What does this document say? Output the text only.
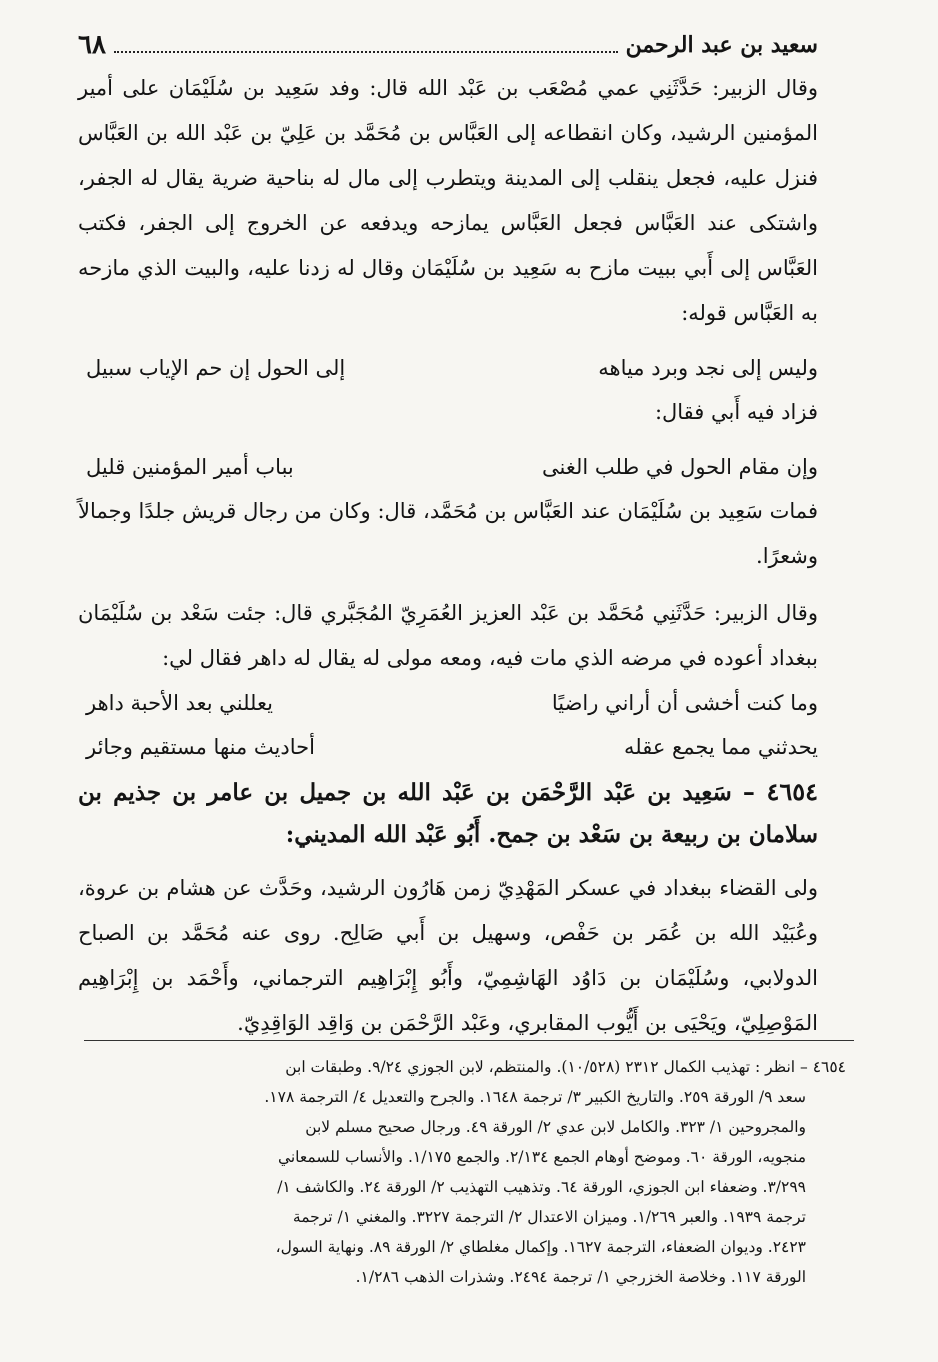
سعيد بن عبد الرحمن
٦٨

وقال الزبير: حَدَّثَنِي عمي مُصْعَب بن عَبْد الله قال: وفد سَعِيد بن سُلَيْمَان على أمير المؤمنين الرشيد، وكان انقطاعه إلى العَبَّاس بن مُحَمَّد بن عَلِيّ بن عَبْد الله بن العَبَّاس فنزل عليه، فجعل ينقلب إلى المدينة ويتطرب إلى مال له بناحية ضرية يقال له الجفر، واشتكى عند العَبَّاس فجعل العَبَّاس يمازحه ويدفعه عن الخروج إلى الجفر، فكتب العَبَّاس إلى أَبي ببيت مازح به سَعِيد بن سُلَيْمَان وقال له زدنا عليه، والبيت الذي مازحه به العَبَّاس قوله:

وليس إلى نجد وبرد مياهه
إلى الحول إن حم الإياب سبيل

فزاد فيه أَبي فقال:

وإن مقام الحول في طلب الغنى
بباب أمير المؤمنين قليل

فمات سَعِيد بن سُلَيْمَان عند العَبَّاس بن مُحَمَّد، قال: وكان من رجال قريش جلدًا وجمالاً وشعرًا.

وقال الزبير: حَدَّثَنِي مُحَمَّد بن عَبْد العزيز العُمَرِيّ المُجَبَّري قال: جئت سَعْد بن سُلَيْمَان ببغداد أعوده في مرضه الذي مات فيه، ومعه مولى له يقال له داهر فقال لي:

وما كنت أخشى أن أراني راضيًا
يعللني بعد الأحبة داهر
يحدثني مما يجمع عقله
أحاديث منها مستقيم وجائر
٤٦٥٤ – سَعِيد بن عَبْد الرَّحْمَن بن عَبْد الله بن جميل بن عامر بن جذيم بن سلامان بن ربيعة بن سَعْد بن جمح. أَبُو عَبْد الله المديني:

ولى القضاء ببغداد في عسكر المَهْدِيّ زمن هَارُون الرشيد، وحَدَّث عن هشام بن عروة، وعُبَيْد الله بن عُمَر بن حَفْص، وسهيل بن أَبي صَالِح. روى عنه مُحَمَّد بن الصباح الدولابي، وسُلَيْمَان بن دَاوُد الهَاشِمِيّ، وأَبُو إِبْرَاهِيم الترجماني، وأَحْمَد بن إِبْرَاهِيم المَوْصِلِيّ، ويَحْيَى بن أَيُّوب المقابري، وعَبْد الرَّحْمَن بن وَاقِد الوَاقِدِيّ.

٤٦٥٤ – انظر : تهذيب الكمال ٢٣١٢ (١٠/٥٢٨). والمنتظم، لابن الجوزي ٩/٢٤. وطبقات ابن
سعد ٩/ الورقة ٢٥٩. والتاريخ الكبير ٣/ ترجمة ١٦٤٨. والجرح والتعديل ٤/ الترجمة ١٧٨.
والمجروحين ١/ ٣٢٣. والكامل لابن عدي ٢/ الورقة ٤٩. ورجال صحيح مسلم لابن
منجويه، الورقة ٦٠. وموضح أوهام الجمع ٢/١٣٤. والجمع ١/١٧٥. والأنساب للسمعاني
٣/٢٩٩. وضعفاء ابن الجوزي، الورقة ٦٤. وتذهيب التهذيب ٢/ الورقة ٢٤. والكاشف ١/
ترجمة ١٩٣٩. والعبر ١/٢٦٩. وميزان الاعتدال ٢/ الترجمة ٣٢٢٧. والمغني ١/ ترجمة
٢٤٢٣. وديوان الضعفاء، الترجمة ١٦٢٧. وإكمال مغلطاي ٢/ الورقة ٨٩. ونهاية السول،
الورقة ١١٧. وخلاصة الخزرجي ١/ ترجمة ٢٤٩٤. وشذرات الذهب ١/٢٨٦.
